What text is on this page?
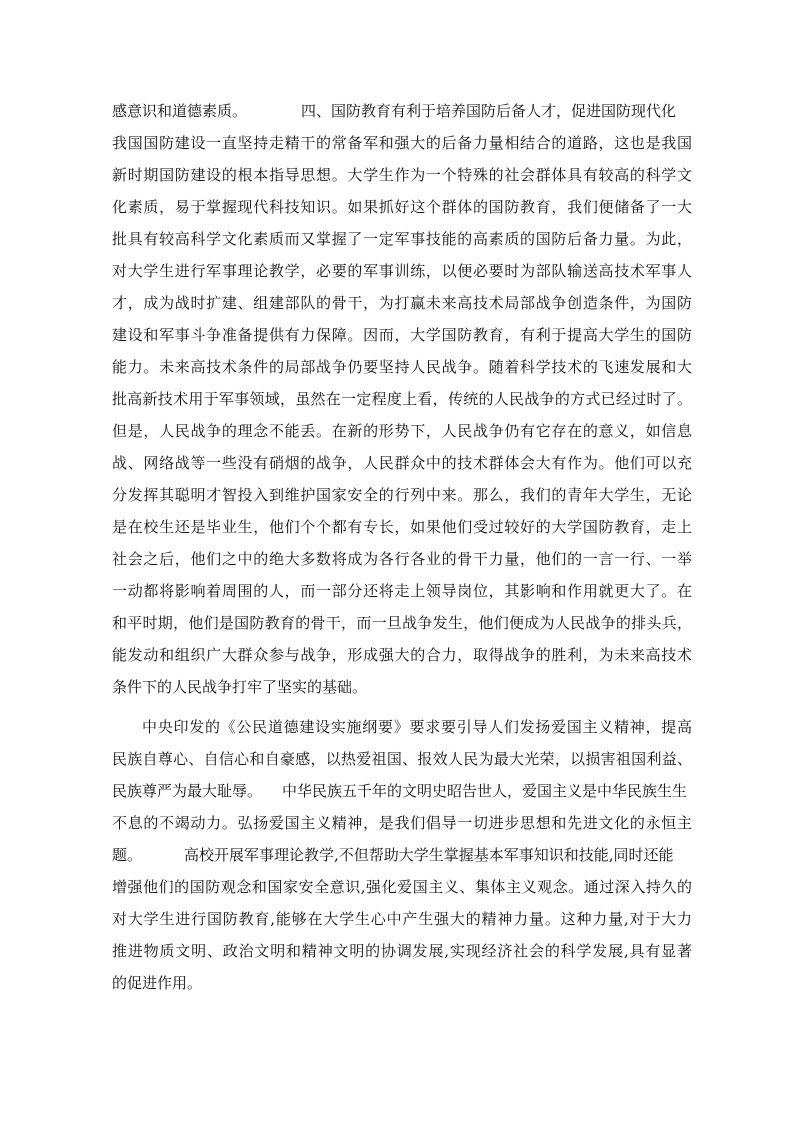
感意识和道德素质。	四、国防教育有利于培养国防后备人才，促进国防现代化
我国国防建设一直坚持走精干的常备军和强大的后备力量相结合的道路，这也是我国
新时期国防建设的根本指导思想。大学生作为一个特殊的社会群体具有较高的科学文
化素质，易于掌握现代科技知识。如果抓好这个群体的国防教育，我们便储备了一大
批具有较高科学文化素质而又掌握了一定军事技能的高素质的国防后备力量。为此，
对大学生进行军事理论教学，必要的军事训练，以便必要时为部队输送高技术军事人
才，成为战时扩建、组建部队的骨干，为打赢未来高技术局部战争创造条件，为国防
建设和军事斗争准备提供有力保障。因而，大学国防教育，有利于提高大学生的国防
能力。未来高技术条件的局部战争仍要坚持人民战争。随着科学技术的飞速发展和大
批高新技术用于军事领域，虽然在一定程度上看，传统的人民战争的方式已经过时了。
但是，人民战争的理念不能丢。在新的形势下，人民战争仍有它存在的意义，如信息
战、网络战等一些没有硝烟的战争，人民群众中的技术群体会大有作为。他们可以充
分发挥其聪明才智投入到维护国家安全的行列中来。那么，我们的青年大学生，无论
是在校生还是毕业生，他们个个都有专长，如果他们受过较好的大学国防教育，走上
社会之后，他们之中的绝大多数将成为各行各业的骨干力量，他们的一言一行、一举
一动都将影响着周围的人，而一部分还将走上领导岗位，其影响和作用就更大了。在
和平时期，他们是国防教育的骨干，而一旦战争发生，他们便成为人民战争的排头兵，
能发动和组织广大群众参与战争，形成强大的合力，取得战争的胜利，为未来高技术
条件下的人民战争打牢了坚实的基础。
中央印发的《公民道德建设实施纲要》要求要引导人们发扬爱国主义精神，提高
民族自尊心、自信心和自豪感，以热爱祖国、报效人民为最大光荣，以损害祖国利益、
民族尊严为最大耻辱。 中华民族五千年的文明史昭告世人，爱国主义是中华民族生生
不息的不竭动力。弘扬爱国主义精神，是我们倡导一切进步思想和先进文化的永恒主
题。	高校开展军事理论教学,不但帮助大学生掌握基本军事知识和技能,同时还能
增强他们的国防观念和国家安全意识,强化爱国主义、集体主义观念。通过深入持久的
对大学生进行国防教育,能够在大学生心中产生强大的精神力量。这种力量,对于大力
推进物质文明、政治文明和精神文明的协调发展,实现经济社会的科学发展,具有显著
的促进作用。
